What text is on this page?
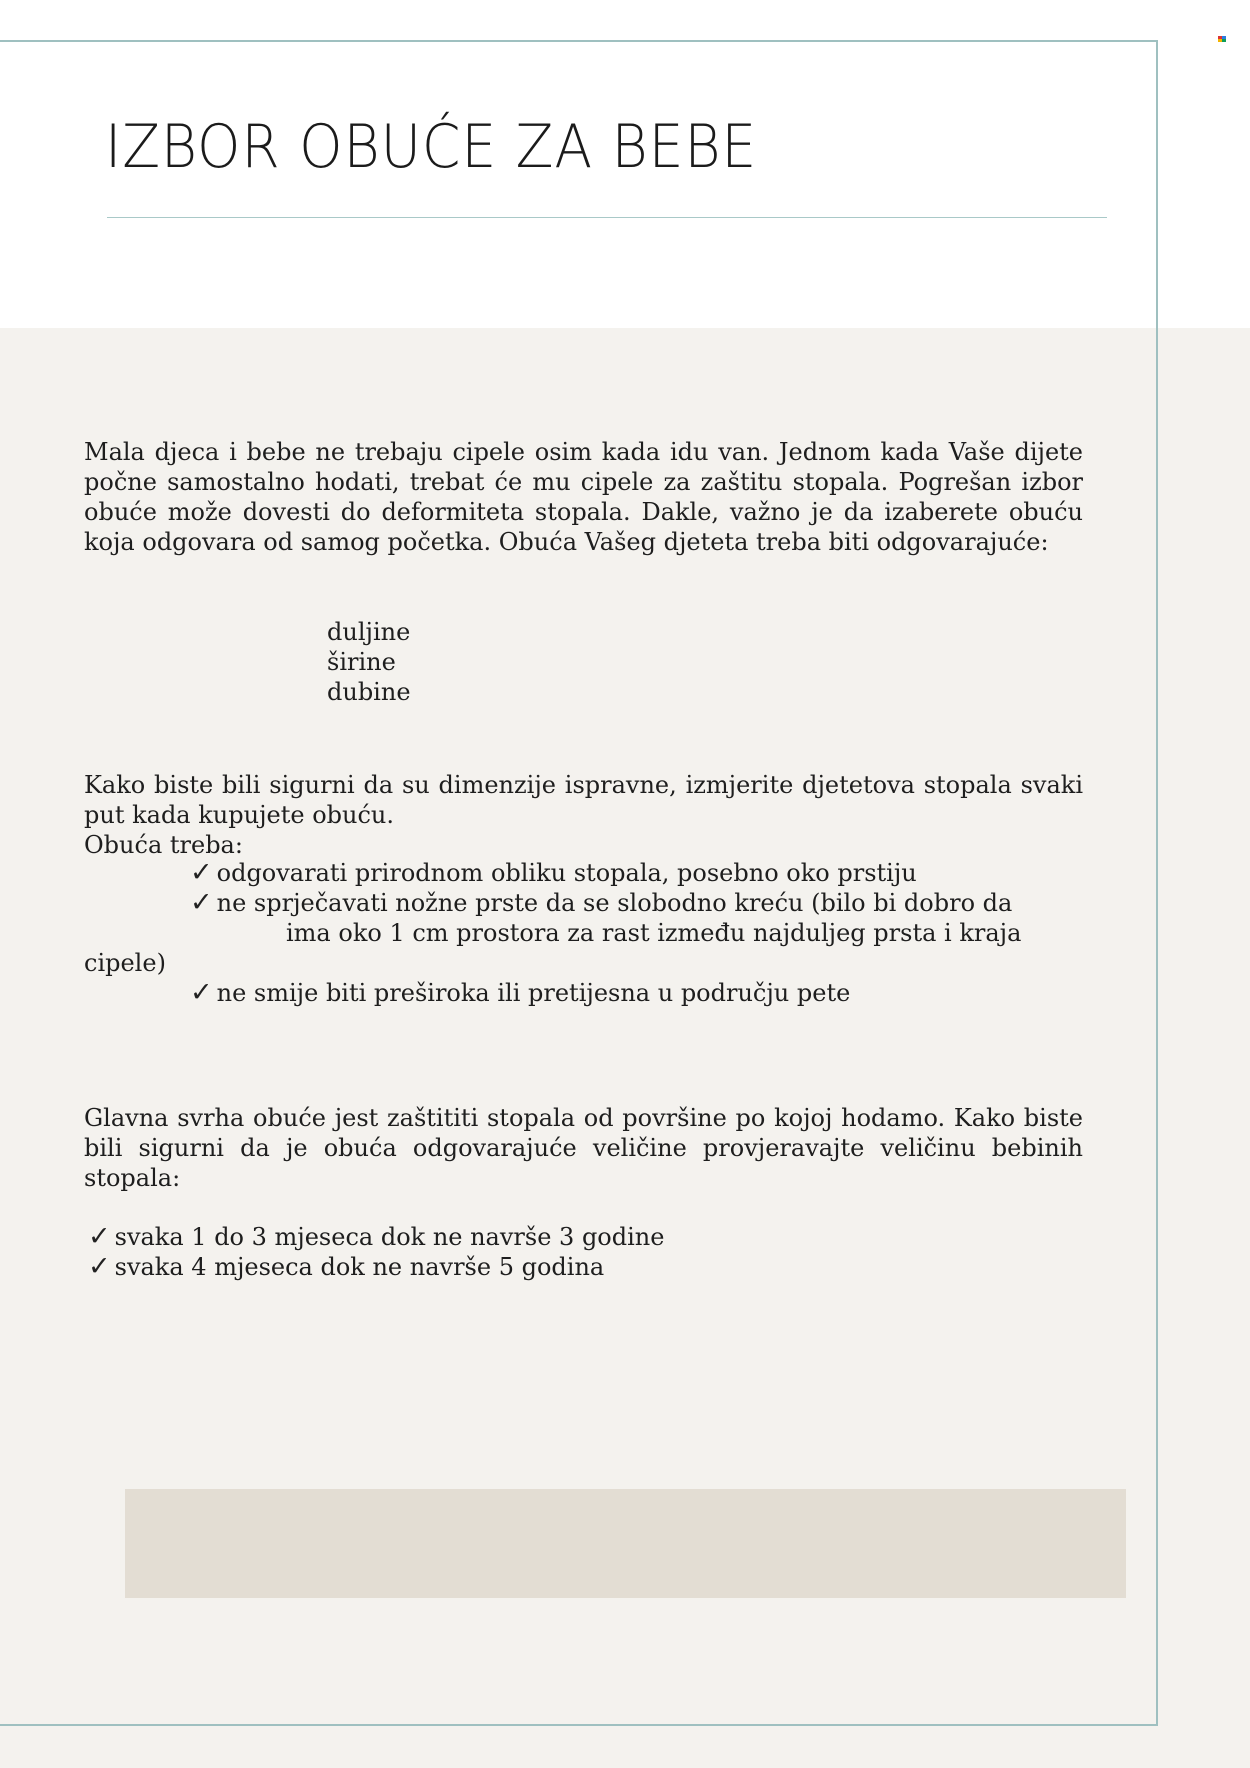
IZBOR OBUĆE ZA BEBE

Mala djeca i bebe ne trebaju cipele osim kada idu van. Jednom kada Vaše dijete počne samostalno hodati, trebat će mu cipele za zaštitu stopala. Pogrešan izbor obuće može dovesti do deformiteta stopala. Dakle, važno je da izaberete obuću koja odgovara od samog početka. Obuća Vašeg djeteta treba biti odgovarajuće:

duljine
širine
dubine

Kako biste bili sigurni da su dimenzije ispravne, izmjerite djetetova stopala svaki put kada kupujete obuću.

Obuća treba:
✓ odgovarati prirodnom obliku stopala, posebno oko prstiju
✓ ne sprječavati nožne prste da se slobodno kreću (bilo bi dobro da
ima oko 1 cm prostora za rast između najduljeg prsta i kraja
cipele)
✓ ne smije biti preširoka ili pretijesna u području pete

Glavna svrha obuće jest zaštititi stopala od površine po kojoj hodamo. Kako biste bili sigurni da je obuća odgovarajuće veličine provjeravajte veličinu bebinih stopala:

✓ svaka 1 do 3 mjeseca dok ne navrše 3 godine
✓ svaka 4 mjeseca dok ne navrše 5 godina
